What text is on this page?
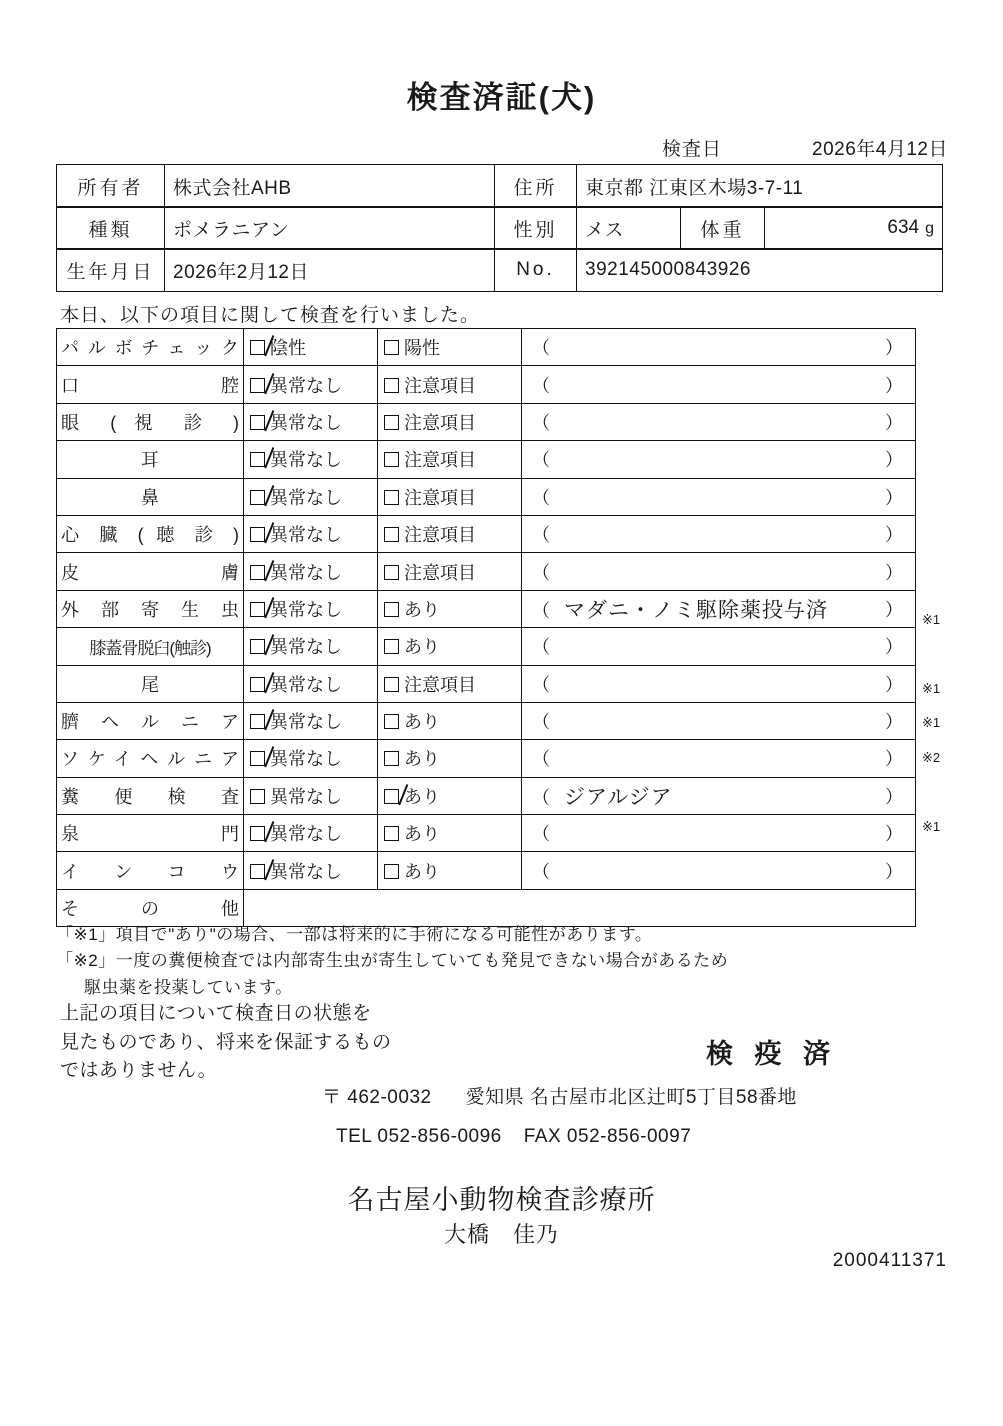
検査済証(犬)
検査日	2026年4月12日
所有者	株式会社AHB	住所	東京都 江東区木場3-7-11
種類	ポメラニアン	性別	メス	体重	634 g
生年月日	2026年2月12日	No.	392145000843926
本日、以下の項目に関して検査を行いました。
パルボチェック	陰性	陽性	（ ）

口　　　　腔	異常なし	注意項目	（ ）

眼 ( 視 診 )	異常なし	注意項目	（ ）

耳	異常なし	注意項目	（ ）

鼻	異常なし	注意項目	（ ）

心 臓 ( 聴 診 )	異常なし	注意項目	（ ）

皮　　　　膚	異常なし	注意項目	（ ）

外 部 寄 生 虫	異常なし	あり	（ マダニ・ノミ駆除薬投与済 ）

膝蓋骨脱臼(触診)	異常なし	あり	（ ）

尾	異常なし	注意項目	（ ）

臍 ヘ ル ニ ア	異常なし	あり	（ ）

ソケイヘルニア	異常なし	あり	（ ）

糞 便 検 査	異常なし	あり	（ ジアルジア ）

泉　　　　門	異常なし	あり	（ ）

イ ン コ ウ	異常なし	あり	（ ）

そ　の　他			
「※1」項目で"あり"の場合、一部は将来的に手術になる可能性があります。
「※2」一度の糞便検査では内部寄生虫が寄生していても発見できない場合があるため
駆虫薬を投薬しています。
上記の項目について検査日の状態を
見たものであり、将来を保証するもの
ではありません。
検 疫 済
〒 462-0032 愛知県 名古屋市北区辻町5丁目58番地
TEL 052-856-0096 FAX 052-856-0097
名古屋小動物検査診療所
大橋　佳乃
2000411371
※1
※1
※1
※2
※1
